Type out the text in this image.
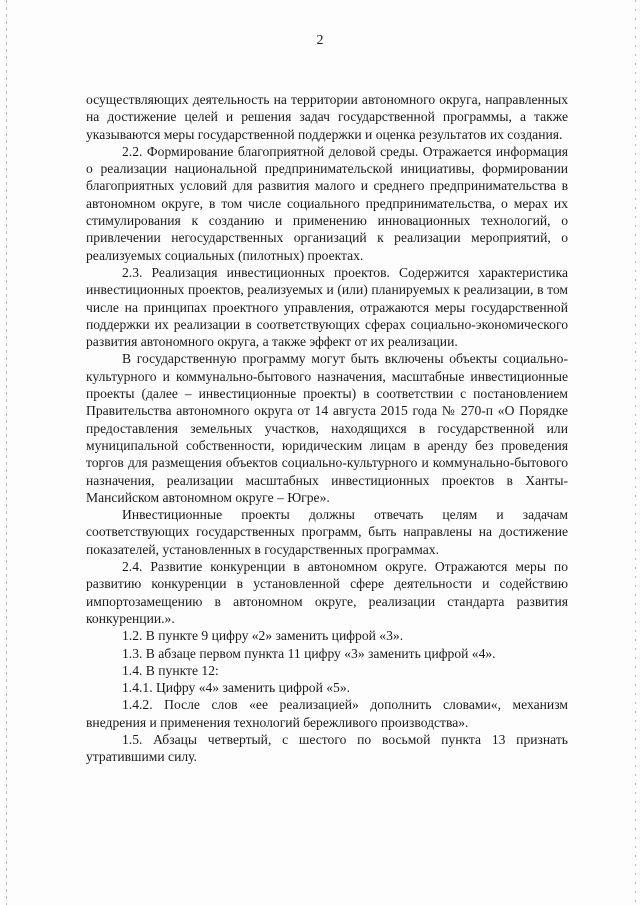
2

осуществляющих деятельность на территории автономного округа, направленных на достижение целей и решения задач государственной программы, а также указываются меры государственной поддержки и оценка результатов их создания.

2.2. Формирование благоприятной деловой среды. Отражается информация о реализации национальной предпринимательской инициативы, формировании благоприятных условий для развития малого и среднего предпринимательства в автономном округе, в том числе социального предпринимательства, о мерах их стимулирования к созданию и применению инновационных технологий, о привлечении негосударственных организаций к реализации мероприятий, о реализуемых социальных (пилотных) проектах.

2.3. Реализация инвестиционных проектов. Содержится характеристика инвестиционных проектов, реализуемых и (или) планируемых к реализации, в том числе на принципах проектного управления, отражаются меры государственной поддержки их реализации в соответствующих сферах социально-экономического развития автономного округа, а также эффект от их реализации.

В государственную программу могут быть включены объекты социально-культурного и коммунально-бытового назначения, масштабные инвестиционные проекты (далее – инвестиционные проекты) в соответствии с постановлением Правительства автономного округа от 14 августа 2015 года № 270-п «О Порядке предоставления земельных участков, находящихся в государственной или муниципальной собственности, юридическим лицам в аренду без проведения торгов для размещения объектов социально-культурного и коммунально-бытового назначения, реализации масштабных инвестиционных проектов в Ханты-Мансийском автономном округе – Югре».

Инвестиционные проекты должны отвечать целям и задачам соответствующих государственных программ, быть направлены на достижение показателей, установленных в государственных программах.

2.4. Развитие конкуренции в автономном округе. Отражаются меры по развитию конкуренции в установленной сфере деятельности и содействию импортозамещению в автономном округе, реализации стандарта развития конкуренции.».

1.2. В пункте 9 цифру «2» заменить цифрой «3».

1.3. В абзаце первом пункта 11 цифру «3» заменить цифрой «4».

1.4. В пункте 12:

1.4.1. Цифру «4» заменить цифрой «5».

1.4.2. После слов «ее реализацией» дополнить словами«, механизм внедрения и применения технологий бережливого производства».

1.5. Абзацы четвертый, с шестого по восьмой пункта 13 признать утратившими силу.
